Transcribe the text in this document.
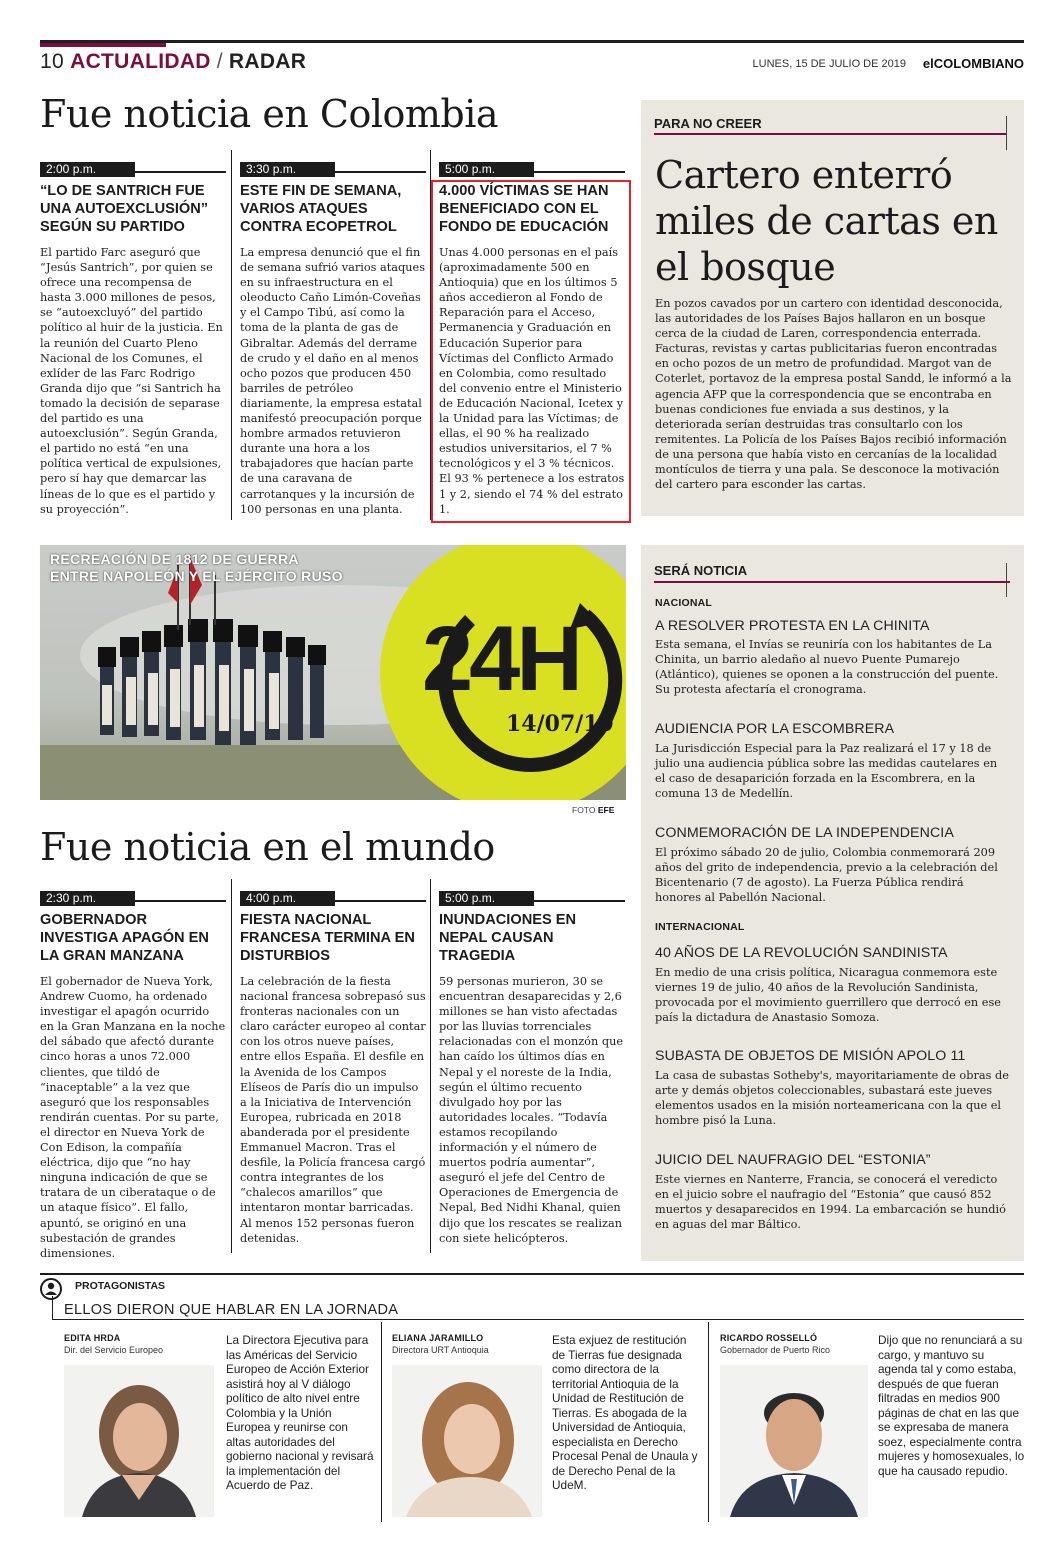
10 ACTUALIDAD / RADAR	LUNES, 15 DE JULIO DE 2019 elCOLOMBIANO
Fue noticia en Colombia
2:00 p.m.
“LO DE SANTRICH FUE UNA AUTOEXCLUSIÓN” SEGÚN SU PARTIDO
El partido Farc aseguró que “Jesús Santrich”, por quien se ofrece una recompensa de hasta 3.000 millones de pesos, se “autoexcluyó” del partido político al huir de la justicia. En la reunión del Cuarto Pleno Nacional de los Comunes, el exlíder de las Farc Rodrigo Granda dijo que “si Santrich ha tomado la decisión de separase del partido es una autoexclusión”. Según Granda, el partido no está “en una política vertical de expulsiones, pero sí hay que demarcar las líneas de lo que es el partido y su proyección”.
3:30 p.m.
ESTE FIN DE SEMANA, VARIOS ATAQUES CONTRA ECOPETROL
La empresa denunció que el fin de semana sufrió varios ataques en su infraestructura en el oleoducto Caño Limón-Coveñas y el Campo Tibú, así como la toma de la planta de gas de Gibraltar. Además del derrame de crudo y el daño en al menos ocho pozos que producen 450 barriles de petróleo diariamente, la empresa estatal manifestó preocupación porque hombre armados retuvieron durante una hora a los trabajadores que hacían parte de una caravana de carrotanques y la incursión de 100 personas en una planta.
5:00 p.m.
4.000 VÍCTIMAS SE HAN BENEFICIADO CON EL FONDO DE EDUCACIÓN
Unas 4.000 personas en el país (aproximadamente 500 en Antioquia) que en los últimos 5 años accedieron al Fondo de Reparación para el Acceso, Permanencia y Graduación en Educación Superior para Víctimas del Conflicto Armado en Colombia, como resultado del convenio entre el Ministerio de Educación Nacional, Icetex y la Unidad para las Víctimas; de ellas, el 90 % ha realizado estudios universitarios, el 7 % tecnológicos y el 3 % técnicos. El 93 % pertenece a los estratos 1 y 2, siendo el 74 % del estrato 1.
PARA NO CREER
Cartero enterró miles de cartas en el bosque
En pozos cavados por un cartero con identidad desconocida, las autoridades de los Países Bajos hallaron en un bosque cerca de la ciudad de Laren, correspondencia enterrada. Facturas, revistas y cartas publicitarias fueron encontradas en ocho pozos de un metro de profundidad. Margot van de Coterlet, portavoz de la empresa postal Sandd, le informó a la agencia AFP que la correspondencia que se encontraba en buenas condiciones fue enviada a sus destinos, y la deteriorada serían destruidas tras consultarlo con los remitentes. La Policía de los Países Bajos recibió información de una persona que había visto en cercanías de la localidad montículos de tierra y una pala. Se desconoce la motivación del cartero para esconder las cartas.
RECREACIÓN DE 1812 DE GUERRA
ENTRE NAPOLEÓN Y EL EJÉRCITO RUSO
24H
14/07/19
FOTO EFE
SERÁ NOTICIA
NACIONAL
A RESOLVER PROTESTA EN LA CHINITA
Esta semana, el Invías se reuniría con los habitantes de La Chinita, un barrio aledaño al nuevo Puente Pumarejo (Atlántico), quienes se oponen a la construcción del puente. Su protesta afectaría el cronograma.
AUDIENCIA POR LA ESCOMBRERA
La Jurisdicción Especial para la Paz realizará el 17 y 18 de julio una audiencia pública sobre las medidas cautelares en el caso de desaparición forzada en la Escombrera, en la comuna 13 de Medellín.
CONMEMORACIÓN DE LA INDEPENDENCIA
El próximo sábado 20 de julio, Colombia conmemorará 209 años del grito de independencia, previo a la celebración del Bicentenario (7 de agosto). La Fuerza Pública rendirá honores al Pabellón Nacional.
INTERNACIONAL
40 AÑOS DE LA REVOLUCIÓN SANDINISTA
En medio de una crisis política, Nicaragua conmemora este viernes 19 de julio, 40 años de la Revolución Sandinista, provocada por el movimiento guerrillero que derrocó en ese país la dictadura de Anastasio Somoza.
SUBASTA DE OBJETOS DE MISIÓN APOLO 11
La casa de subastas Sotheby's, mayoritariamente de obras de arte y demás objetos coleccionables, subastará este jueves elementos usados en la misión norteamericana con la que el hombre pisó la Luna.
JUICIO DEL NAUFRAGIO DEL “ESTONIA”
Este viernes en Nanterre, Francia, se conocerá el veredicto en el juicio sobre el naufragio del “Estonia” que causó 852 muertos y desaparecidos en 1994. La embarcación se hundió en aguas del mar Báltico.
Fue noticia en el mundo
2:30 p.m.
GOBERNADOR INVESTIGA APAGÓN EN LA GRAN MANZANA
El gobernador de Nueva York, Andrew Cuomo, ha ordenado investigar el apagón ocurrido en la Gran Manzana en la noche del sábado que afectó durante cinco horas a unos 72.000 clientes, que tildó de “inaceptable” a la vez que aseguró que los responsables rendirán cuentas. Por su parte, el director en Nueva York de Con Edison, la compañía eléctrica, dijo que “no hay ninguna indicación de que se tratara de un ciberataque o de un ataque físico”. El fallo, apuntó, se originó en una subestación de grandes dimensiones.
4:00 p.m.
FIESTA NACIONAL FRANCESA TERMINA EN DISTURBIOS
La celebración de la fiesta nacional francesa sobrepasó sus fronteras nacionales con un claro carácter europeo al contar con los otros nueve países, entre ellos España. El desfile en la Avenida de los Campos Elíseos de París dio un impulso a la Iniciativa de Intervención Europea, rubricada en 2018 abanderada por el presidente Emmanuel Macron. Tras el desfile, la Policía francesa cargó contra integrantes de los “chalecos amarillos” que intentaron montar barricadas. Al menos 152 personas fueron detenidas.
5:00 p.m.
INUNDACIONES EN NEPAL CAUSAN TRAGEDIA
59 personas murieron, 30 se encuentran desaparecidas y 2,6 millones se han visto afectadas por las lluvias torrenciales relacionadas con el monzón que han caído los últimos días en Nepal y el noreste de la India, según el último recuento divulgado hoy por las autoridades locales. “Todavía estamos recopilando información y el número de muertos podría aumentar”, aseguró el jefe del Centro de Operaciones de Emergencia de Nepal, Bed Nidhi Khanal, quien dijo que los rescates se realizan con siete helicópteros.
PROTAGONISTAS
ELLOS DIERON QUE HABLAR EN LA JORNADA
EDITA HRDA
Dir. del Servicio Europeo
La Directora Ejecutiva para las Américas del Servicio Europeo de Acción Exterior asistirá hoy al V diálogo político de alto nivel entre Colombia y la Unión Europea y reunirse con altas autoridades del gobierno nacional y revisará la implementación del Acuerdo de Paz.
ELIANA JARAMILLO
Directora URT Antioquia
Esta exjuez de restitución de Tierras fue designada como directora de la territorial Antioquia de la Unidad de Restitución de Tierras. Es abogada de la Universidad de Antioquia, especialista en Derecho Procesal Penal de Unaula y de Derecho Penal de la UdeM.
RICARDO ROSSELLÓ
Gobernador de Puerto Rico
Dijo que no renunciará a su cargo, y mantuvo su agenda tal y como estaba, después de que fueran filtradas en medios 900 páginas de chat en las que se expresaba de manera soez, especialmente contra mujeres y homosexuales, lo que ha causado repudio.
